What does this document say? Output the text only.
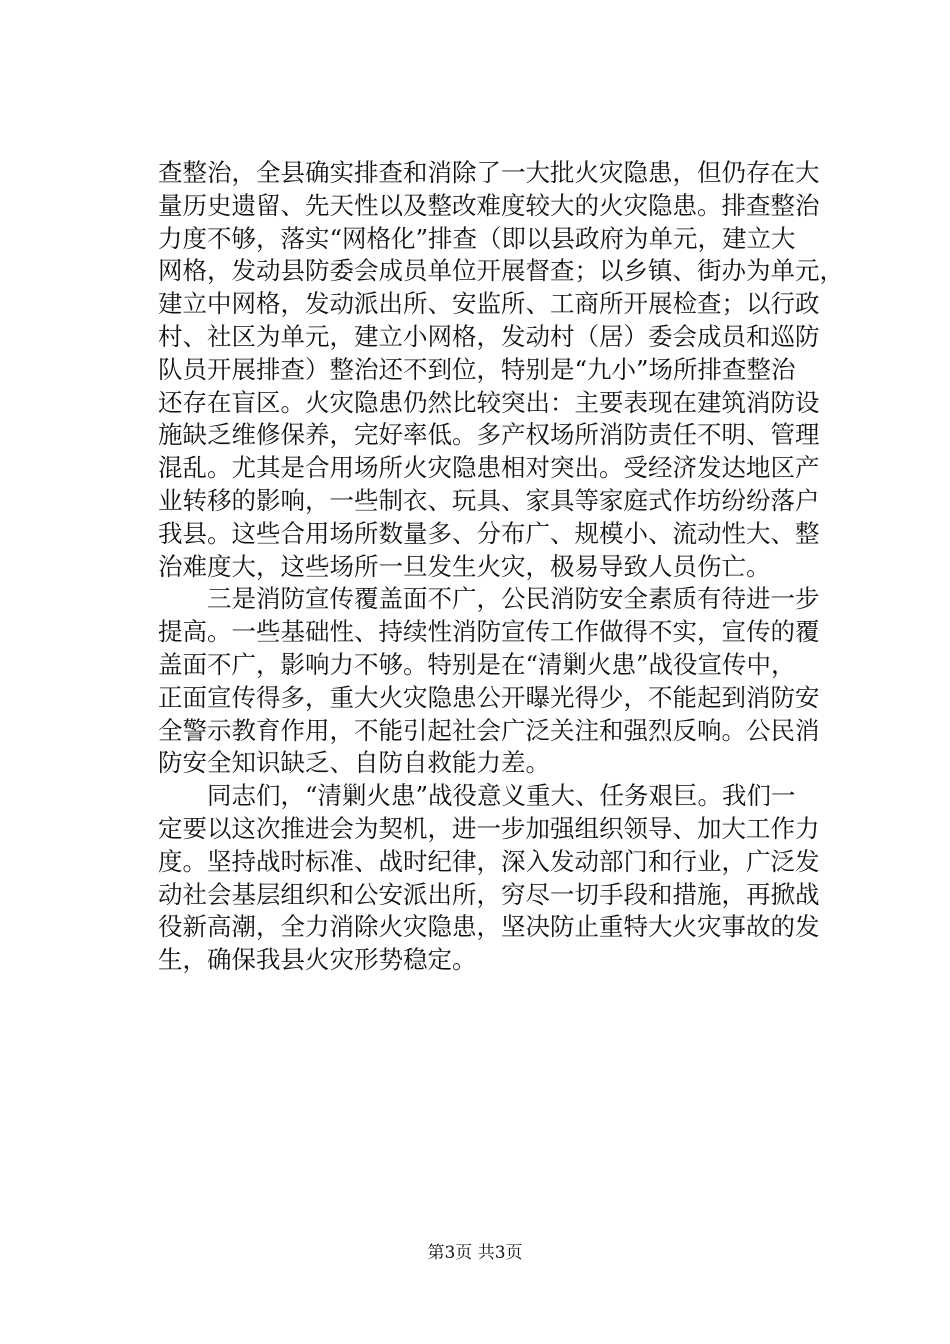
查整治，全县确实排查和消除了一大批火灾隐患，但仍存在大
量历史遗留、先天性以及整改难度较大的火灾隐患。排查整治
力度不够，落实“网格化”排查（即以县政府为单元，建立大
网格，发动县防委会成员单位开展督查；以乡镇、街办为单元，
建立中网格，发动派出所、安监所、工商所开展检查；以行政
村、社区为单元，建立小网格，发动村（居）委会成员和巡防
队员开展排查）整治还不到位，特别是“九小”场所排查整治
还存在盲区。火灾隐患仍然比较突出：主要表现在建筑消防设
施缺乏维修保养，完好率低。多产权场所消防责任不明、管理
混乱。尤其是合用场所火灾隐患相对突出。受经济发达地区产
业转移的影响，一些制衣、玩具、家具等家庭式作坊纷纷落户
我县。这些合用场所数量多、分布广、规模小、流动性大、整
治难度大，这些场所一旦发生火灾，极易导致人员伤亡。
　　三是消防宣传覆盖面不广，公民消防安全素质有待进一步
提高。一些基础性、持续性消防宣传工作做得不实，宣传的覆
盖面不广，影响力不够。特别是在“清剿火患”战役宣传中，
正面宣传得多，重大火灾隐患公开曝光得少，不能起到消防安
全警示教育作用，不能引起社会广泛关注和强烈反响。公民消
防安全知识缺乏、自防自救能力差。
　　同志们，“清剿火患”战役意义重大、任务艰巨。我们一
定要以这次推进会为契机，进一步加强组织领导、加大工作力
度。坚持战时标准、战时纪律，深入发动部门和行业，广泛发
动社会基层组织和公安派出所，穷尽一切手段和措施，再掀战
役新高潮，全力消除火灾隐患，坚决防止重特大火灾事故的发
生，确保我县火灾形势稳定。
第3页 共3页
